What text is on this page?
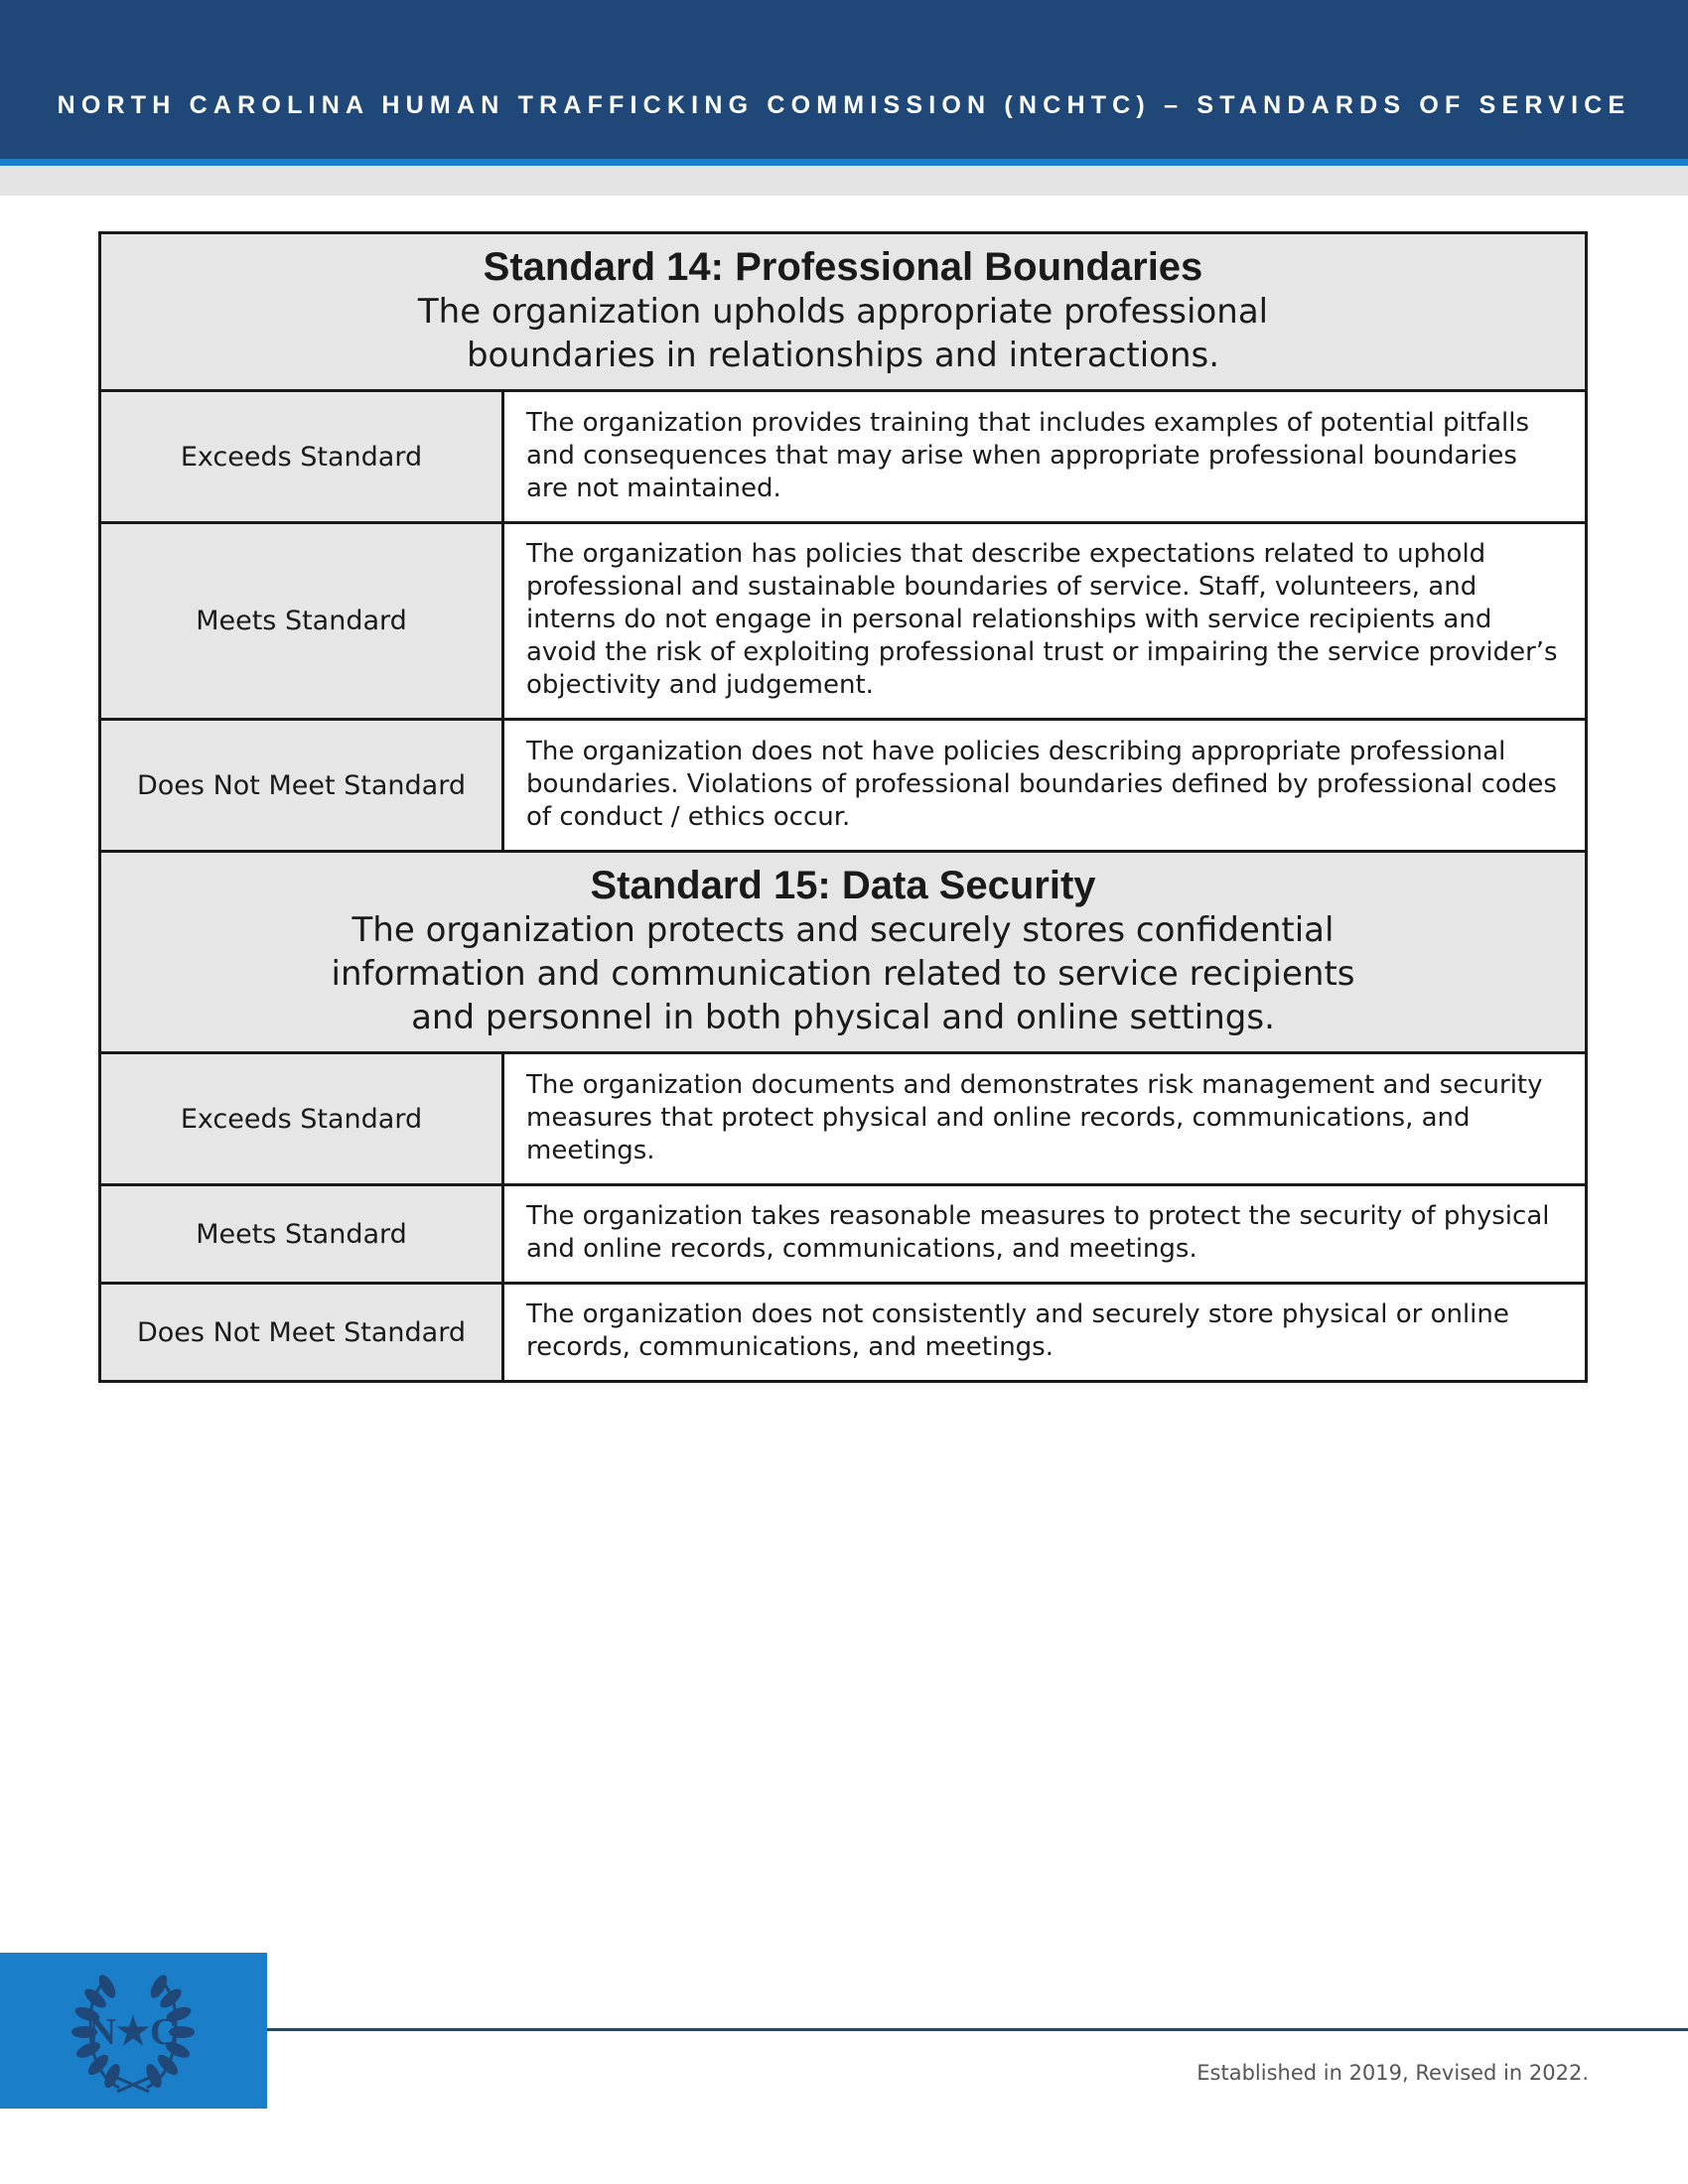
NORTH CAROLINA HUMAN TRAFFICKING COMMISSION (NCHTC) – STANDARDS OF SERVICE
Standard 14: Professional Boundaries
The organization upholds appropriate professional
boundaries in relationships and interactions.	

Exceeds Standard	The organization provides training that includes examples of potential pitfalls and consequences that may arise when appropriate professional boundaries are not maintained.
Meets Standard	The organization has policies that describe expectations related to uphold professional and sustainable boundaries of service. Staff, volunteers, and interns do not engage in personal relationships with service recipients and avoid the risk of exploiting professional trust or impairing the service provider’s objectivity and judgement.
Does Not Meet Standard	The organization does not have policies describing appropriate professional boundaries. Violations of professional boundaries defined by professional codes of conduct / ethics occur.

Standard 15: Data Security
The organization protects and securely stores confidential
information and communication related to service recipients
and personnel in both physical and online settings.	

Exceeds Standard	The organization documents and demonstrates risk management and security measures that protect physical and online records, communications, and meetings.
Meets Standard	The organization takes reasonable measures to protect the security of physical and online records, communications, and meetings.
Does Not Meet Standard	The organization does not consistently and securely store physical or online records, communications, and meetings.
N★C
Established in 2019, Revised in 2022.
